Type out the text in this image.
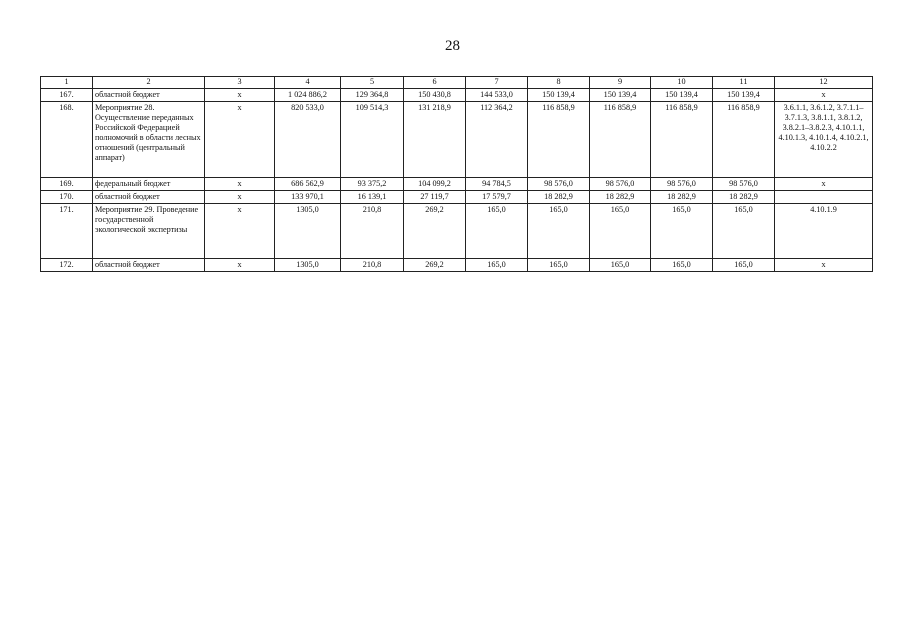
28
1	2	3	4	5	6	7	8	9	10	11	12
167.	областной бюджет	x	1 024 886,2	129 364,8	150 430,8	144 533,0	150 139,4	150 139,4	150 139,4	150 139,4	x
168.	Мероприятие 28. Осуществление переданных Российской Федерацией полномочий в области лесных отношений (центральный аппарат)	x	820 533,0	109 514,3	131 218,9	112 364,2	116 858,9	116 858,9	116 858,9	116 858,9	3.6.1.1, 3.6.1.2, 3.7.1.1–3.7.1.3, 3.8.1.1, 3.8.1.2, 3.8.2.1–3.8.2.3, 4.10.1.1, 4.10.1.3, 4.10.1.4, 4.10.2.1, 4.10.2.2
169.	федеральный бюджет	x	686 562,9	93 375,2	104 099,2	94 784,5	98 576,0	98 576,0	98 576,0	98 576,0	x
170.	областной бюджет	x	133 970,1	16 139,1	27 119,7	17 579,7	18 282,9	18 282,9	18 282,9	18 282,9	
171.	Мероприятие 29. Проведение государственной экологической экспертизы	x	1305,0	210,8	269,2	165,0	165,0	165,0	165,0	165,0	4.10.1.9
172.	областной бюджет	x	1305,0	210,8	269,2	165,0	165,0	165,0	165,0	165,0	x
